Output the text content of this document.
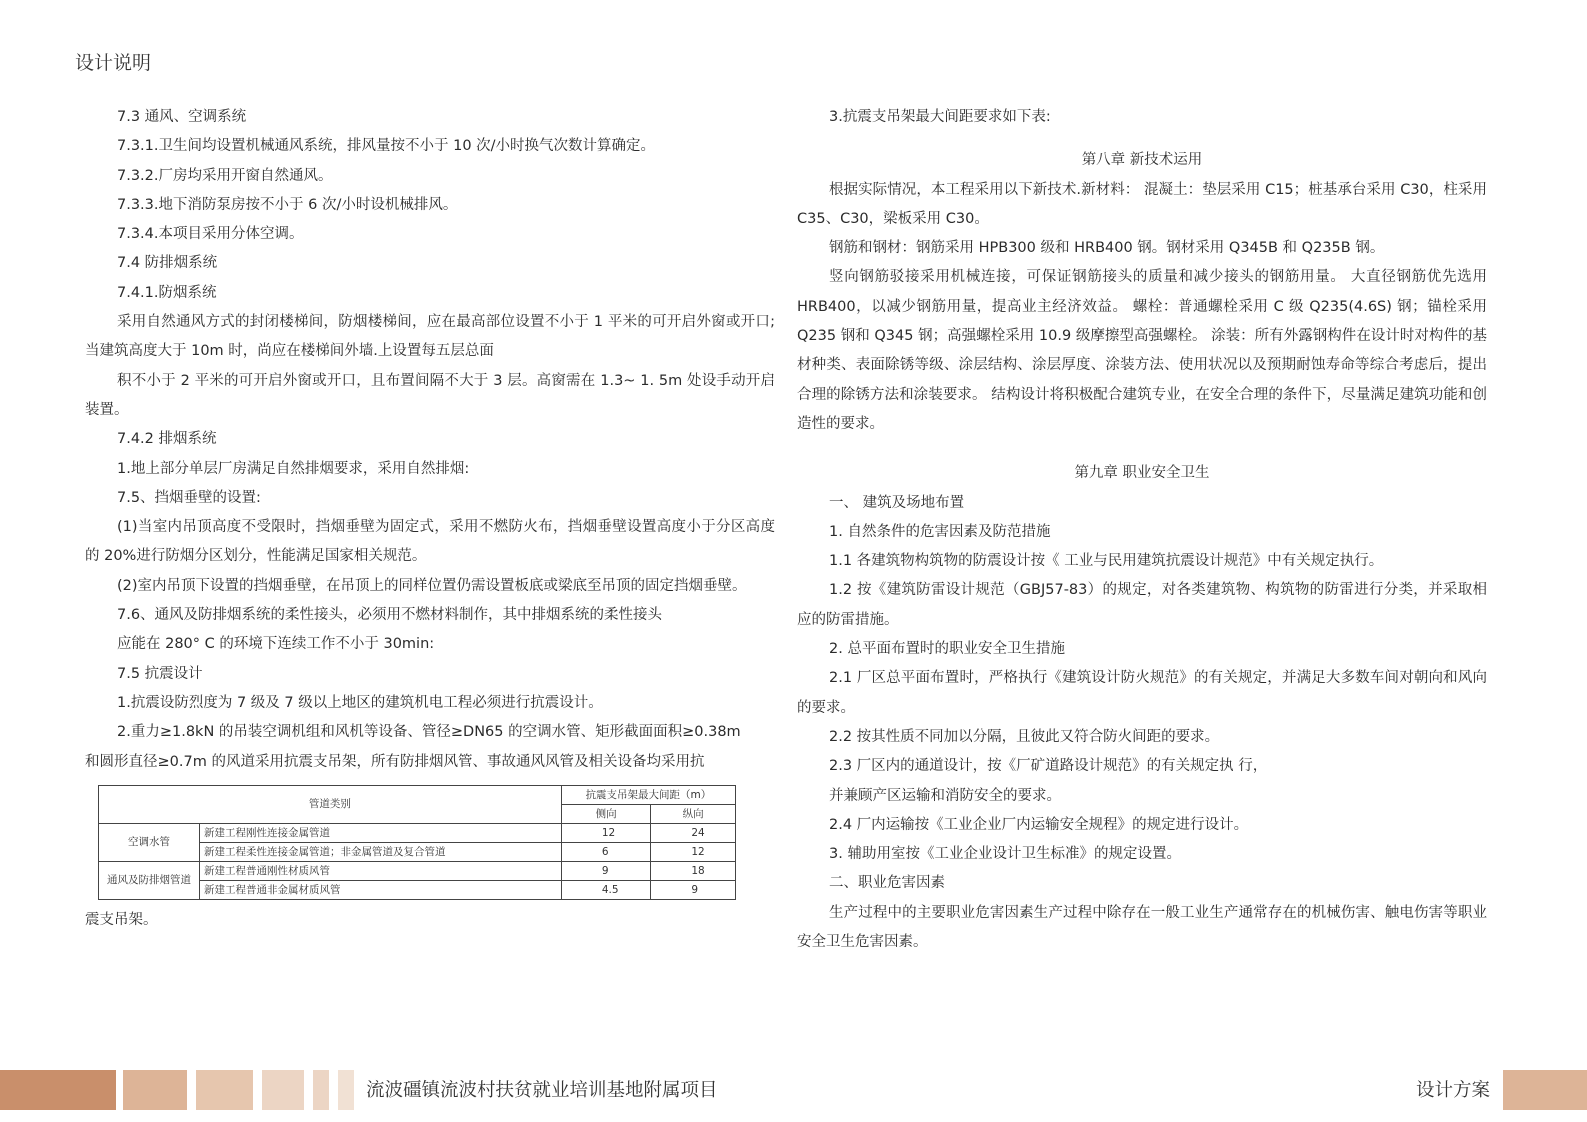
设计说明

7.3 通风、空调系统

7.3.1.卫生间均设置机械通风系统，排风量按不小于 10 次/小时换气次数计算确定。

7.3.2.厂房均采用开窗自然通风。

7.3.3.地下消防泵房按不小于 6 次/小时设机械排风。

7.3.4.本项目采用分体空调。

7.4 防排烟系统

7.4.1.防烟系统

采用自然通风方式的封闭楼梯间，防烟楼梯间，应在最高部位设置不小于 1 平米的可开启外窗或开口;当建筑高度大于 10m 时，尚应在楼梯间外墙.上设置每五层总面

积不小于 2 平米的可开启外窗或开口，且布置间隔不大于 3 层。高窗需在 1.3~ 1. 5m 处设手动开启装置。

7.4.2 排烟系统

1.地上部分单层厂房满足自然排烟要求，采用自然排烟:

7.5、挡烟垂壁的设置:

(1)当室内吊顶高度不受限时，挡烟垂壁为固定式，采用不燃防火布，挡烟垂壁设置高度小于分区高度的 20%进行防烟分区划分，性能满足国家相关规范。

(2)室内吊顶下设置的挡烟垂壁，在吊顶上的同样位置仍需设置板底或梁底至吊顶的固定挡烟垂壁。

7.6、通风及防排烟系统的柔性接头，必须用不燃材料制作，其中排烟系统的柔性接头

应能在 280° C 的环境下连续工作不小于 30min:

7.5 抗震设计

1.抗震设防烈度为 7 级及 7 级以上地区的建筑机电工程必须进行抗震设计。

2.重力≥1.8kN 的吊装空调机组和风机等设备、管径≥DN65 的空调水管、矩形截面面积≥0.38m

和圆形直径≥0.7m 的风道采用抗震支吊架，所有防排烟风管、事故通风风管及相关设备均采用抗

管道类别		抗震支吊架最大间距（m）	
		侧向	纵向
空调水管	新建工程刚性连接金属管道	12	24
	新建工程柔性连接金属管道；非金属管道及复合管道	6	12
通风及防排烟管道	新建工程普通刚性材质风管	9	18
	新建工程普通非金属材质风管	4.5	9

震支吊架。

3.抗震支吊架最大间距要求如下表:

第八章 新技术运用

根据实际情况，本工程采用以下新技术.新材料： 混凝土：垫层采用 C15；桩基承台采用 C30，柱采用 C35、C30，梁板采用 C30。

钢筋和钢材：钢筋采用 HPB300 级和 HRB400 钢。钢材采用 Q345B 和 Q235B 钢。

竖向钢筋驳接采用机械连接，可保证钢筋接头的质量和减少接头的钢筋用量。 大直径钢筋优先选用 HRB400，以减少钢筋用量，提高业主经济效益。 螺栓：普通螺栓采用 C 级 Q235(4.6S) 钢；锚栓采用 Q235 钢和 Q345 钢；高强螺栓采用 10.9 级摩擦型高强螺栓。 涂装：所有外露钢构件在设计时对构件的基材种类、表面除锈等级、涂层结构、涂层厚度、涂装方法、使用状况以及预期耐蚀寿命等综合考虑后，提出合理的除锈方法和涂装要求。 结构设计将积极配合建筑专业，在安全合理的条件下，尽量满足建筑功能和创造性的要求。

第九章 职业安全卫生

一、 建筑及场地布置

1. 自然条件的危害因素及防范措施

1.1 各建筑物构筑物的防震设计按《 工业与民用建筑抗震设计规范》中有关规定执行。

1.2 按《建筑防雷设计规范（GBJ57-83）的规定，对各类建筑物、构筑物的防雷进行分类，并采取相应的防雷措施。

2. 总平面布置时的职业安全卫生措施

2.1 厂区总平面布置时，严格执行《建筑设计防火规范》的有关规定，并满足大多数车间对朝向和风向的要求。

2.2 按其性质不同加以分隔，且彼此又符合防火间距的要求。

2.3 厂区内的通道设计，按《厂矿道路设计规范》的有关规定执 行，

并兼顾产区运输和消防安全的要求。

2.4 厂内运输按《工业企业厂内运输安全规程》的规定进行设计。

3. 辅助用室按《工业企业设计卫生标准》的规定设置。

二、职业危害因素

生产过程中的主要职业危害因素生产过程中除存在一般工业生产通常存在的机械伤害、触电伤害等职业安全卫生危害因素。

流波礓镇流波村扶贫就业培训基地附属项目	设计方案
